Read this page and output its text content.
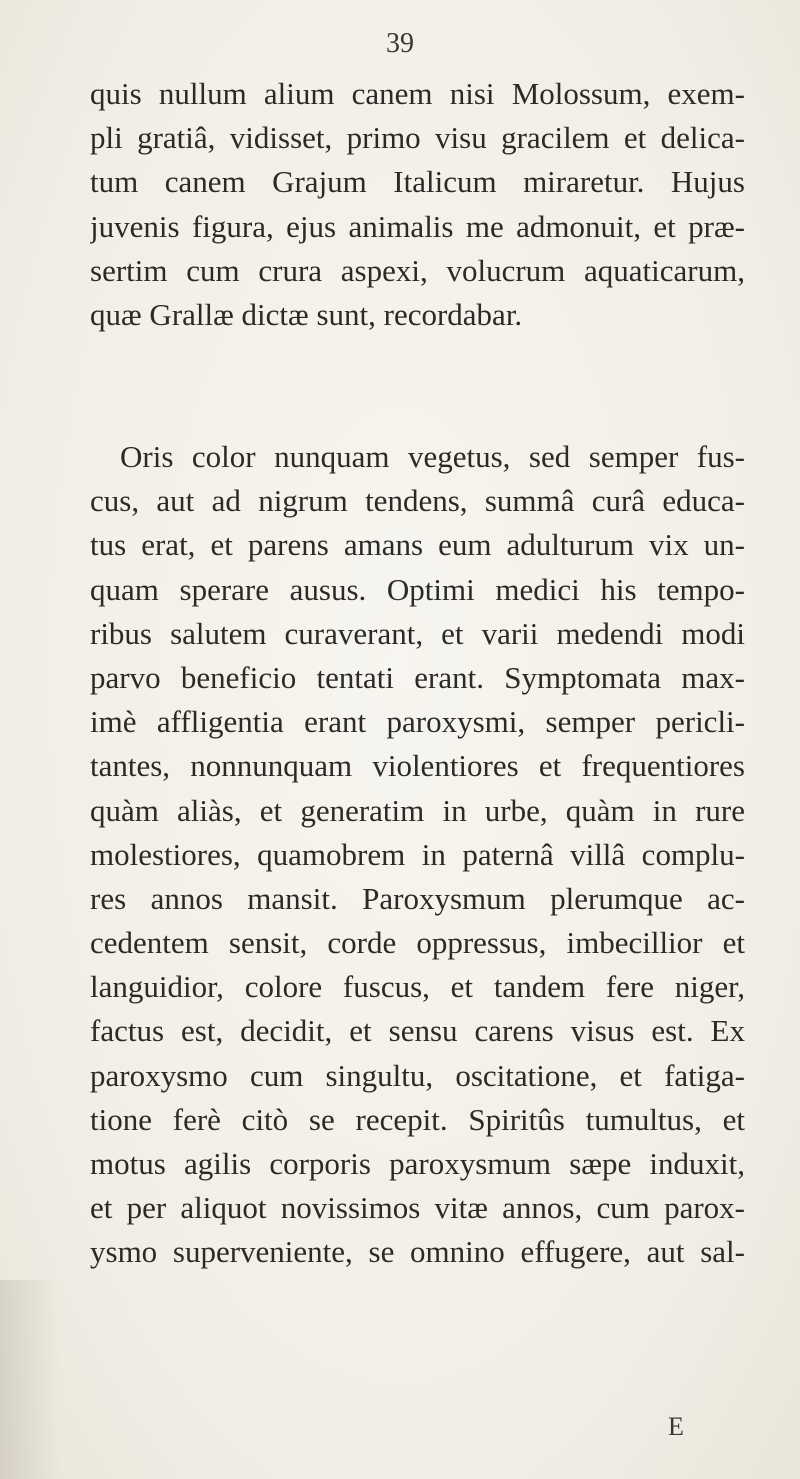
39
quis nullum alium canem nisi Molossum, exem-
pli gratiâ, vidisset, primo visu gracilem et delica-
tum canem Grajum Italicum miraretur. Hujus
juvenis figura, ejus animalis me admonuit, et præ-
sertim cum crura aspexi, volucrum aquaticarum,
quæ Grallæ dictæ sunt, recordabar.
Oris color nunquam vegetus, sed semper fus-
cus, aut ad nigrum tendens, summâ curâ educa-
tus erat, et parens amans eum adulturum vix un-
quam sperare ausus. Optimi medici his tempo-
ribus salutem curaverant, et varii medendi modi
parvo beneficio tentati erant. Symptomata max-
imè affligentia erant paroxysmi, semper pericli-
tantes, nonnunquam violentiores et frequentiores
quàm aliàs, et generatim in urbe, quàm in rure
molestiores, quamobrem in paternâ villâ complu-
res annos mansit. Paroxysmum plerumque ac-
cedentem sensit, corde oppressus, imbecillior et
languidior, colore fuscus, et tandem fere niger,
factus est, decidit, et sensu carens visus est. Ex
paroxysmo cum singultu, oscitatione, et fatiga-
tione ferè citò se recepit. Spiritûs tumultus, et
motus agilis corporis paroxysmum sæpe induxit,
et per aliquot novissimos vitæ annos, cum parox-
ysmo superveniente, se omnino effugere, aut sal-
E
